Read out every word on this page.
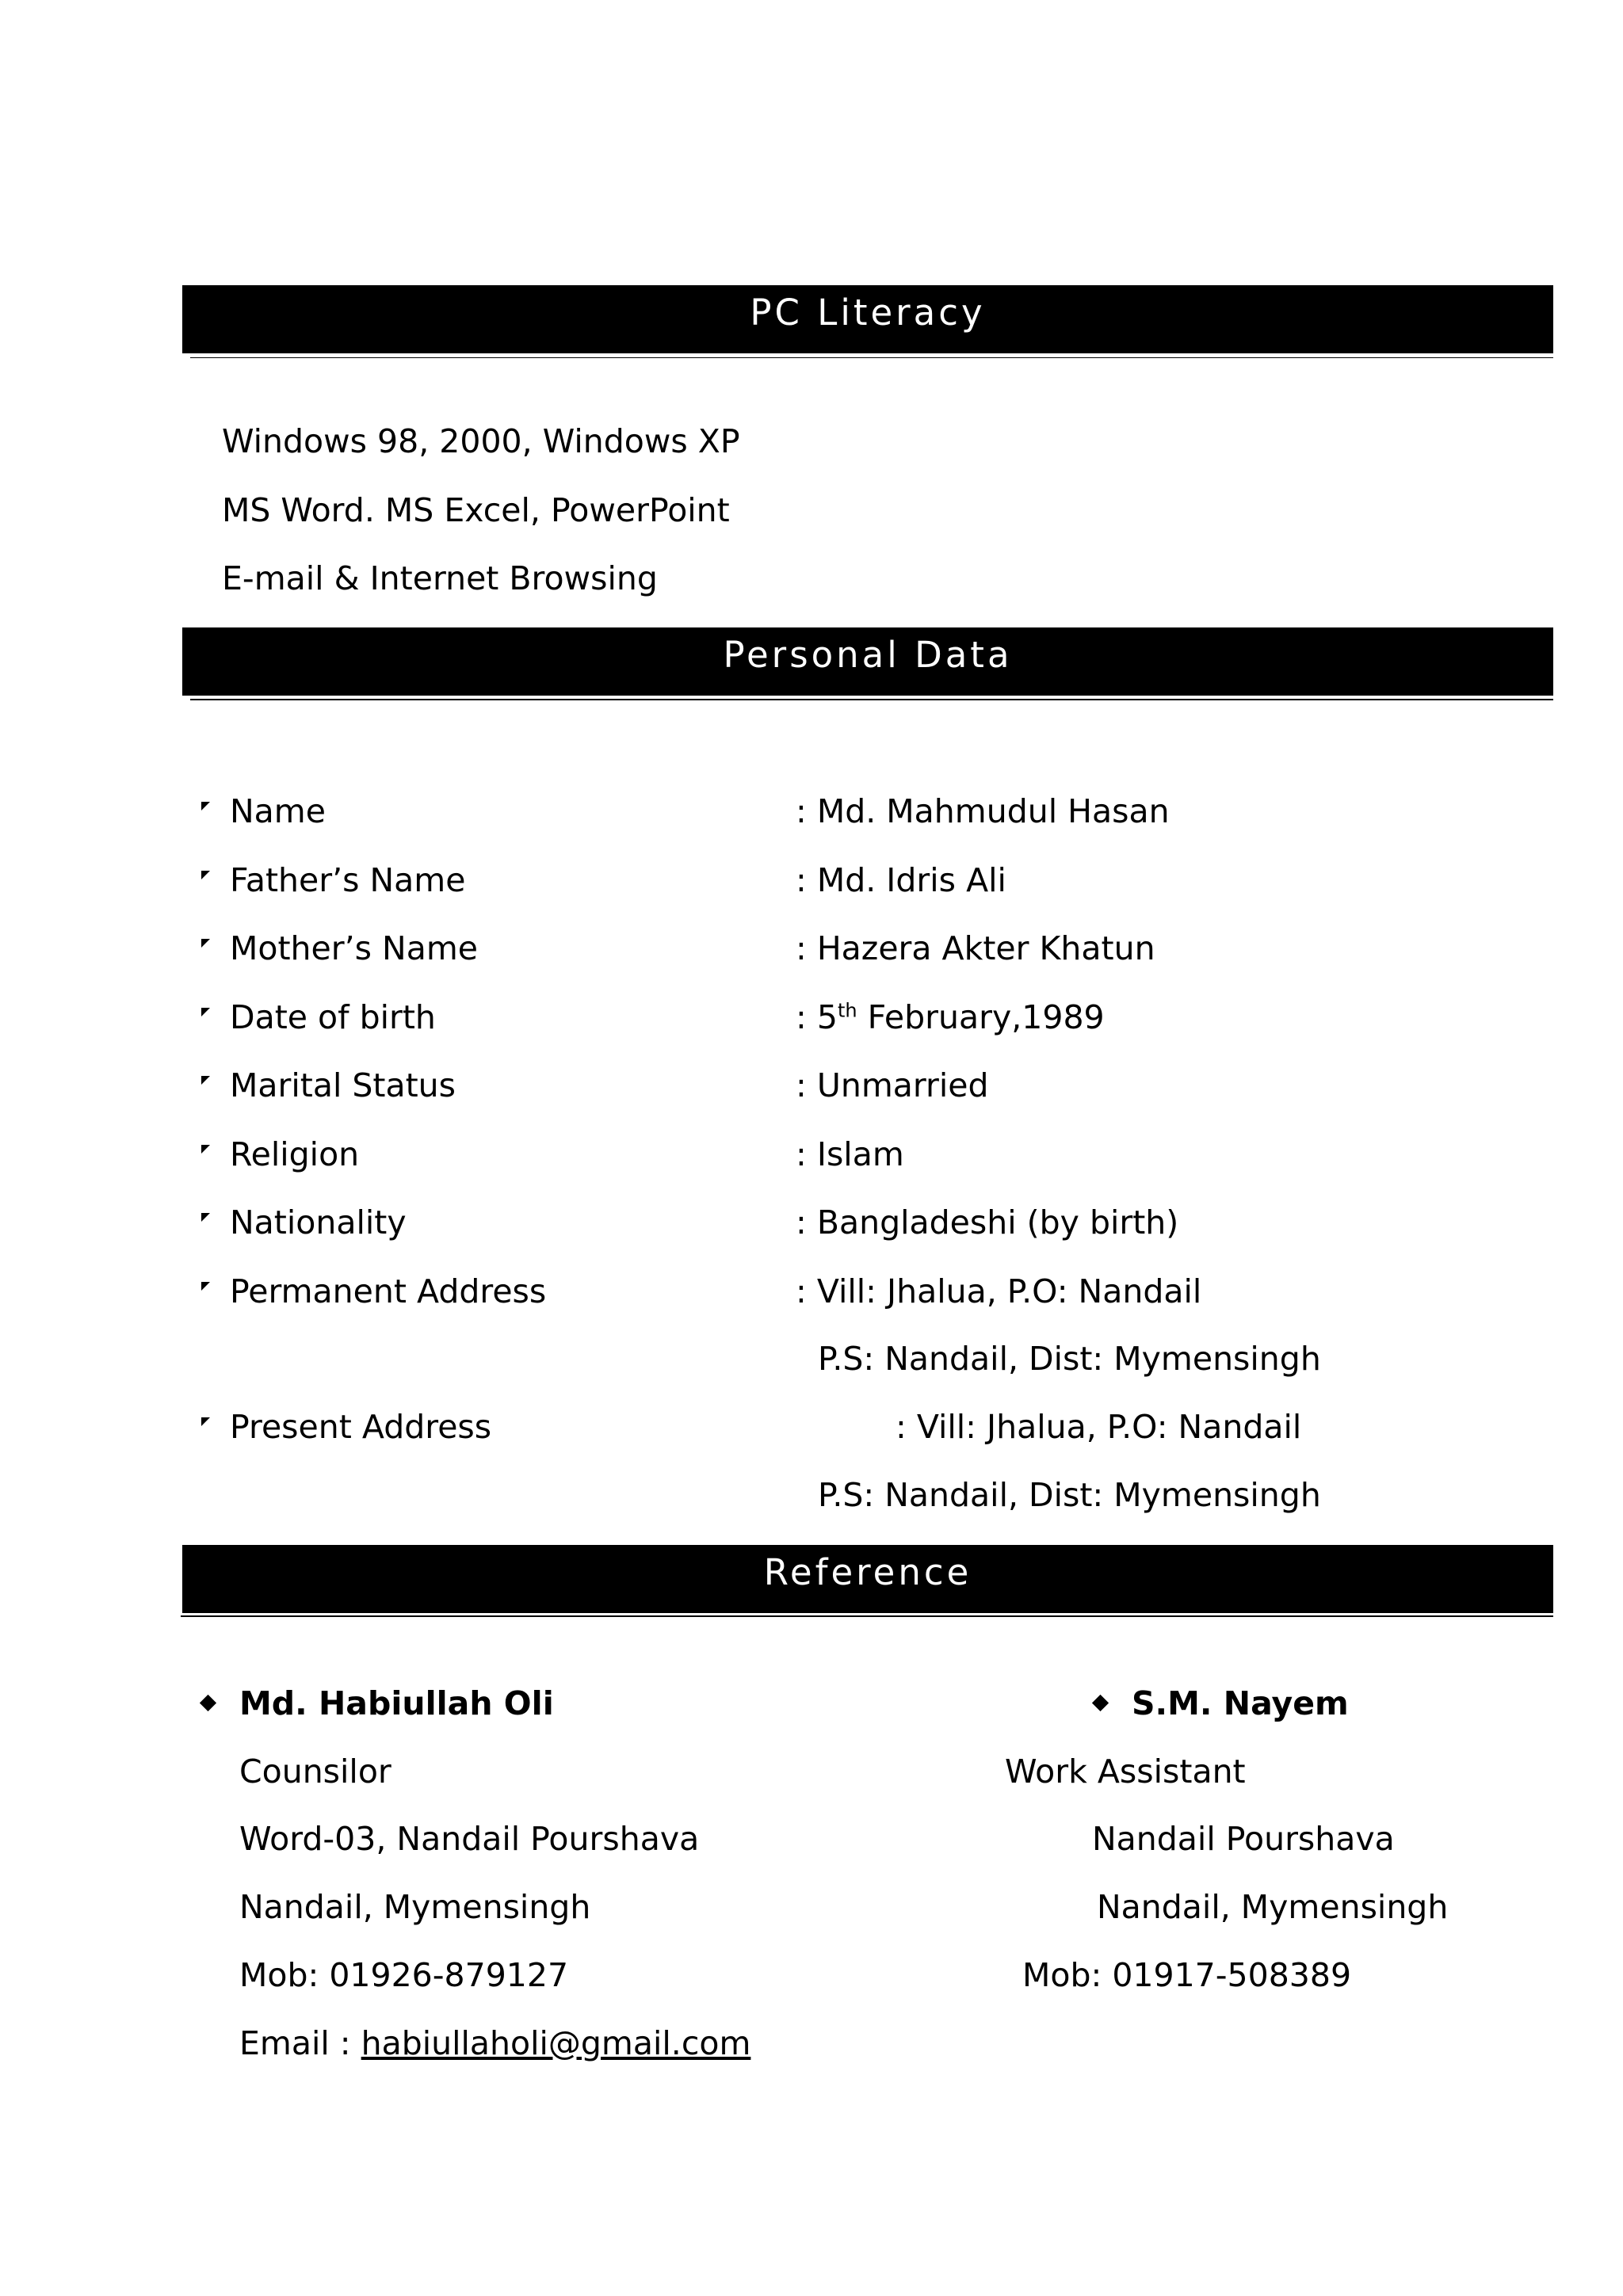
PC Literacy
Windows 98, 2000, Windows XP
MS Word. MS Excel, PowerPoint
E-mail & Internet Browsing
Personal Data
Name	: Md. Mahmudul Hasan
Father’s Name	: Md. Idris Ali
Mother’s Name	: Hazera Akter Khatun
Date of birth	: 5th February,1989
Marital Status	: Unmarried
Religion	: Islam
Nationality	: Bangladeshi (by birth)
Permanent Address	: Vill: Jhalua, P.O: Nandail
P.S: Nandail, Dist: Mymensingh
Present Address	: Vill: Jhalua, P.O: Nandail
P.S: Nandail, Dist: Mymensingh
Reference
Md. Habiullah Oli
Counsilor
Word-03, Nandail Pourshava
Nandail, Mymensingh
Mob: 01926-879127
Email : habiullaholi@gmail.com
S.M. Nayem
Work Assistant
Nandail Pourshava
Nandail, Mymensingh
Mob: 01917-508389
